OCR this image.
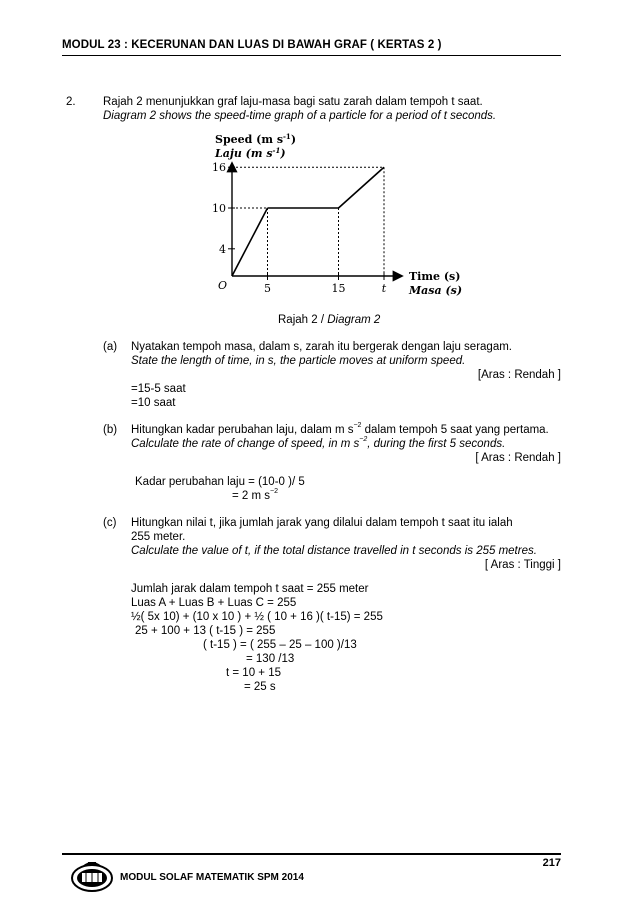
MODUL 23 : KECERUNAN DAN LUAS DI BAWAH GRAF ( KERTAS 2 )
2. Rajah 2 menunjukkan graf laju-masa bagi satu zarah dalam tempoh t saat.
Diagram 2 shows the speed-time graph of a particle for a period of t seconds.
Speed (m $s^{-1}$)
Laju (m $s^{-1}$)
4
10
16
5	15	t
Time (s)
Masa (s)
O
Rajah 2 / Diagram 2
(a) Nyatakan tempoh masa, dalam s, zarah itu bergerak dengan laju seragam.
State the length of time, in s, the particle moves at uniform speed.
[Aras : Rendah ]
=15-5 saat
=10 saat
(b) Hitungkan kadar perubahan laju, dalam m $s^{-2}$ dalam tempoh 5 saat yang pertama.
Calculate the rate of change of speed, in m $s^{-2}$, during the first 5 seconds.
[ Aras : Rendah ]
Kadar perubahan laju = (10-0 )/ 5
= 2 m $s^{-2}$
(c) Hitungkan nilai t, jika jumlah jarak yang dilalui dalam tempoh t saat itu ialah
255 meter.
Calculate the value of t, if the total distance travelled in t seconds is 255 metres.
[ Aras : Tinggi ]
Jumlah jarak dalam tempoh t saat = 255 meter
Luas A + Luas B + Luas C = 255
½( 5x 10) + (10 x 10 ) + ½ ( 10 + 16 )( t-15) = 255
25 + 100 + 13 ( t-15 ) = 255
( t-15 ) = ( 255 – 25 – 100 )/13
= 130 /13
t = 10 + 15
= 25 s
217
MODUL SOLAF MATEMATIK SPM 2014
